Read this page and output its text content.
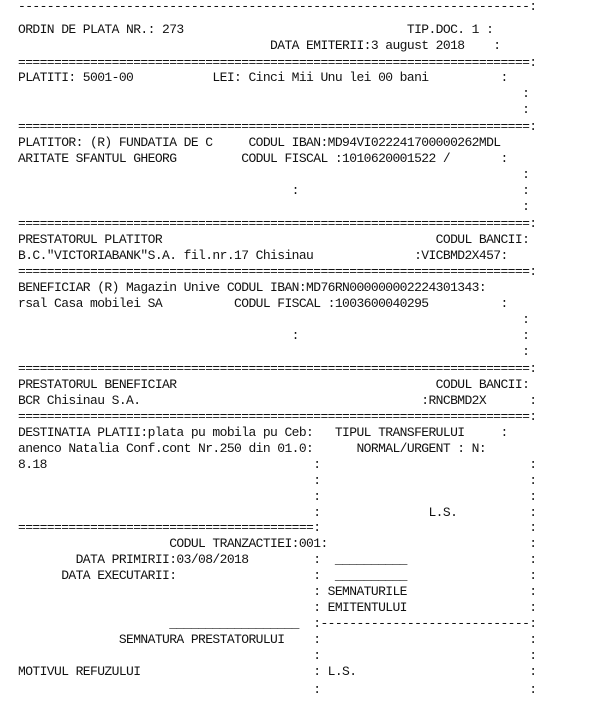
-----------------------------------------------------------------------:
ORDIN DE PLATA NR.: 273                               TIP.DOC. 1 :
DATA EMITERII:3 august 2018    :
=======================================================================:
PLATITI: 5001-00           LEI: Cinci Mii Unu lei 00 bani          :
:
:
=======================================================================:
PLATITOR: (R) FUNDATIA DE C     CODUL IBAN:MD94VI022241700000262MDL
ARITATE SFANTUL GHEORG         CODUL FISCAL :1010620001522 /       :
:
:                               :
:
=======================================================================:
PRESTATORUL PLATITOR                                      CODUL BANCII:
B.C."VICTORIABANK"S.A. fil.nr.17 Chisinau              :VICBMD2X457:
=======================================================================:
BENEFICIAR (R) Magazin Unive CODUL IBAN:MD76RN000000002224301343:
rsal Casa mobilei SA          CODUL FISCAL :1003600040295          :
:
:                               :
:
=======================================================================:
PRESTATORUL BENEFICIAR                                    CODUL BANCII:
BCR Chisinau S.A.                                       :RNCBMD2X      :
=======================================================================:
DESTINATIA PLATII:plata pu mobila pu Ceb:   TIPUL TRANSFERULUI     :
anenco Natalia Conf.cont Nr.250 din 01.0:      NORMAL/URGENT : N:
8.18                                     :                             :
:                             :
:                             :
:               L.S.          :
=========================================:                             :
CODUL TRANZACTIEI:001:                            :
DATA PRIMIRII:03/08/2018         :  __________                 :
DATA EXECUTARII:                   :  __________                 :
: SEMNATURILE                 :
: EMITENTULUI                 :
__________________  :-----------------------------:
SEMNATURA PRESTATORULUI    :                             :
:                             :
MOTIVUL REFUZULUI                        : L.S.                        :
:                             :
